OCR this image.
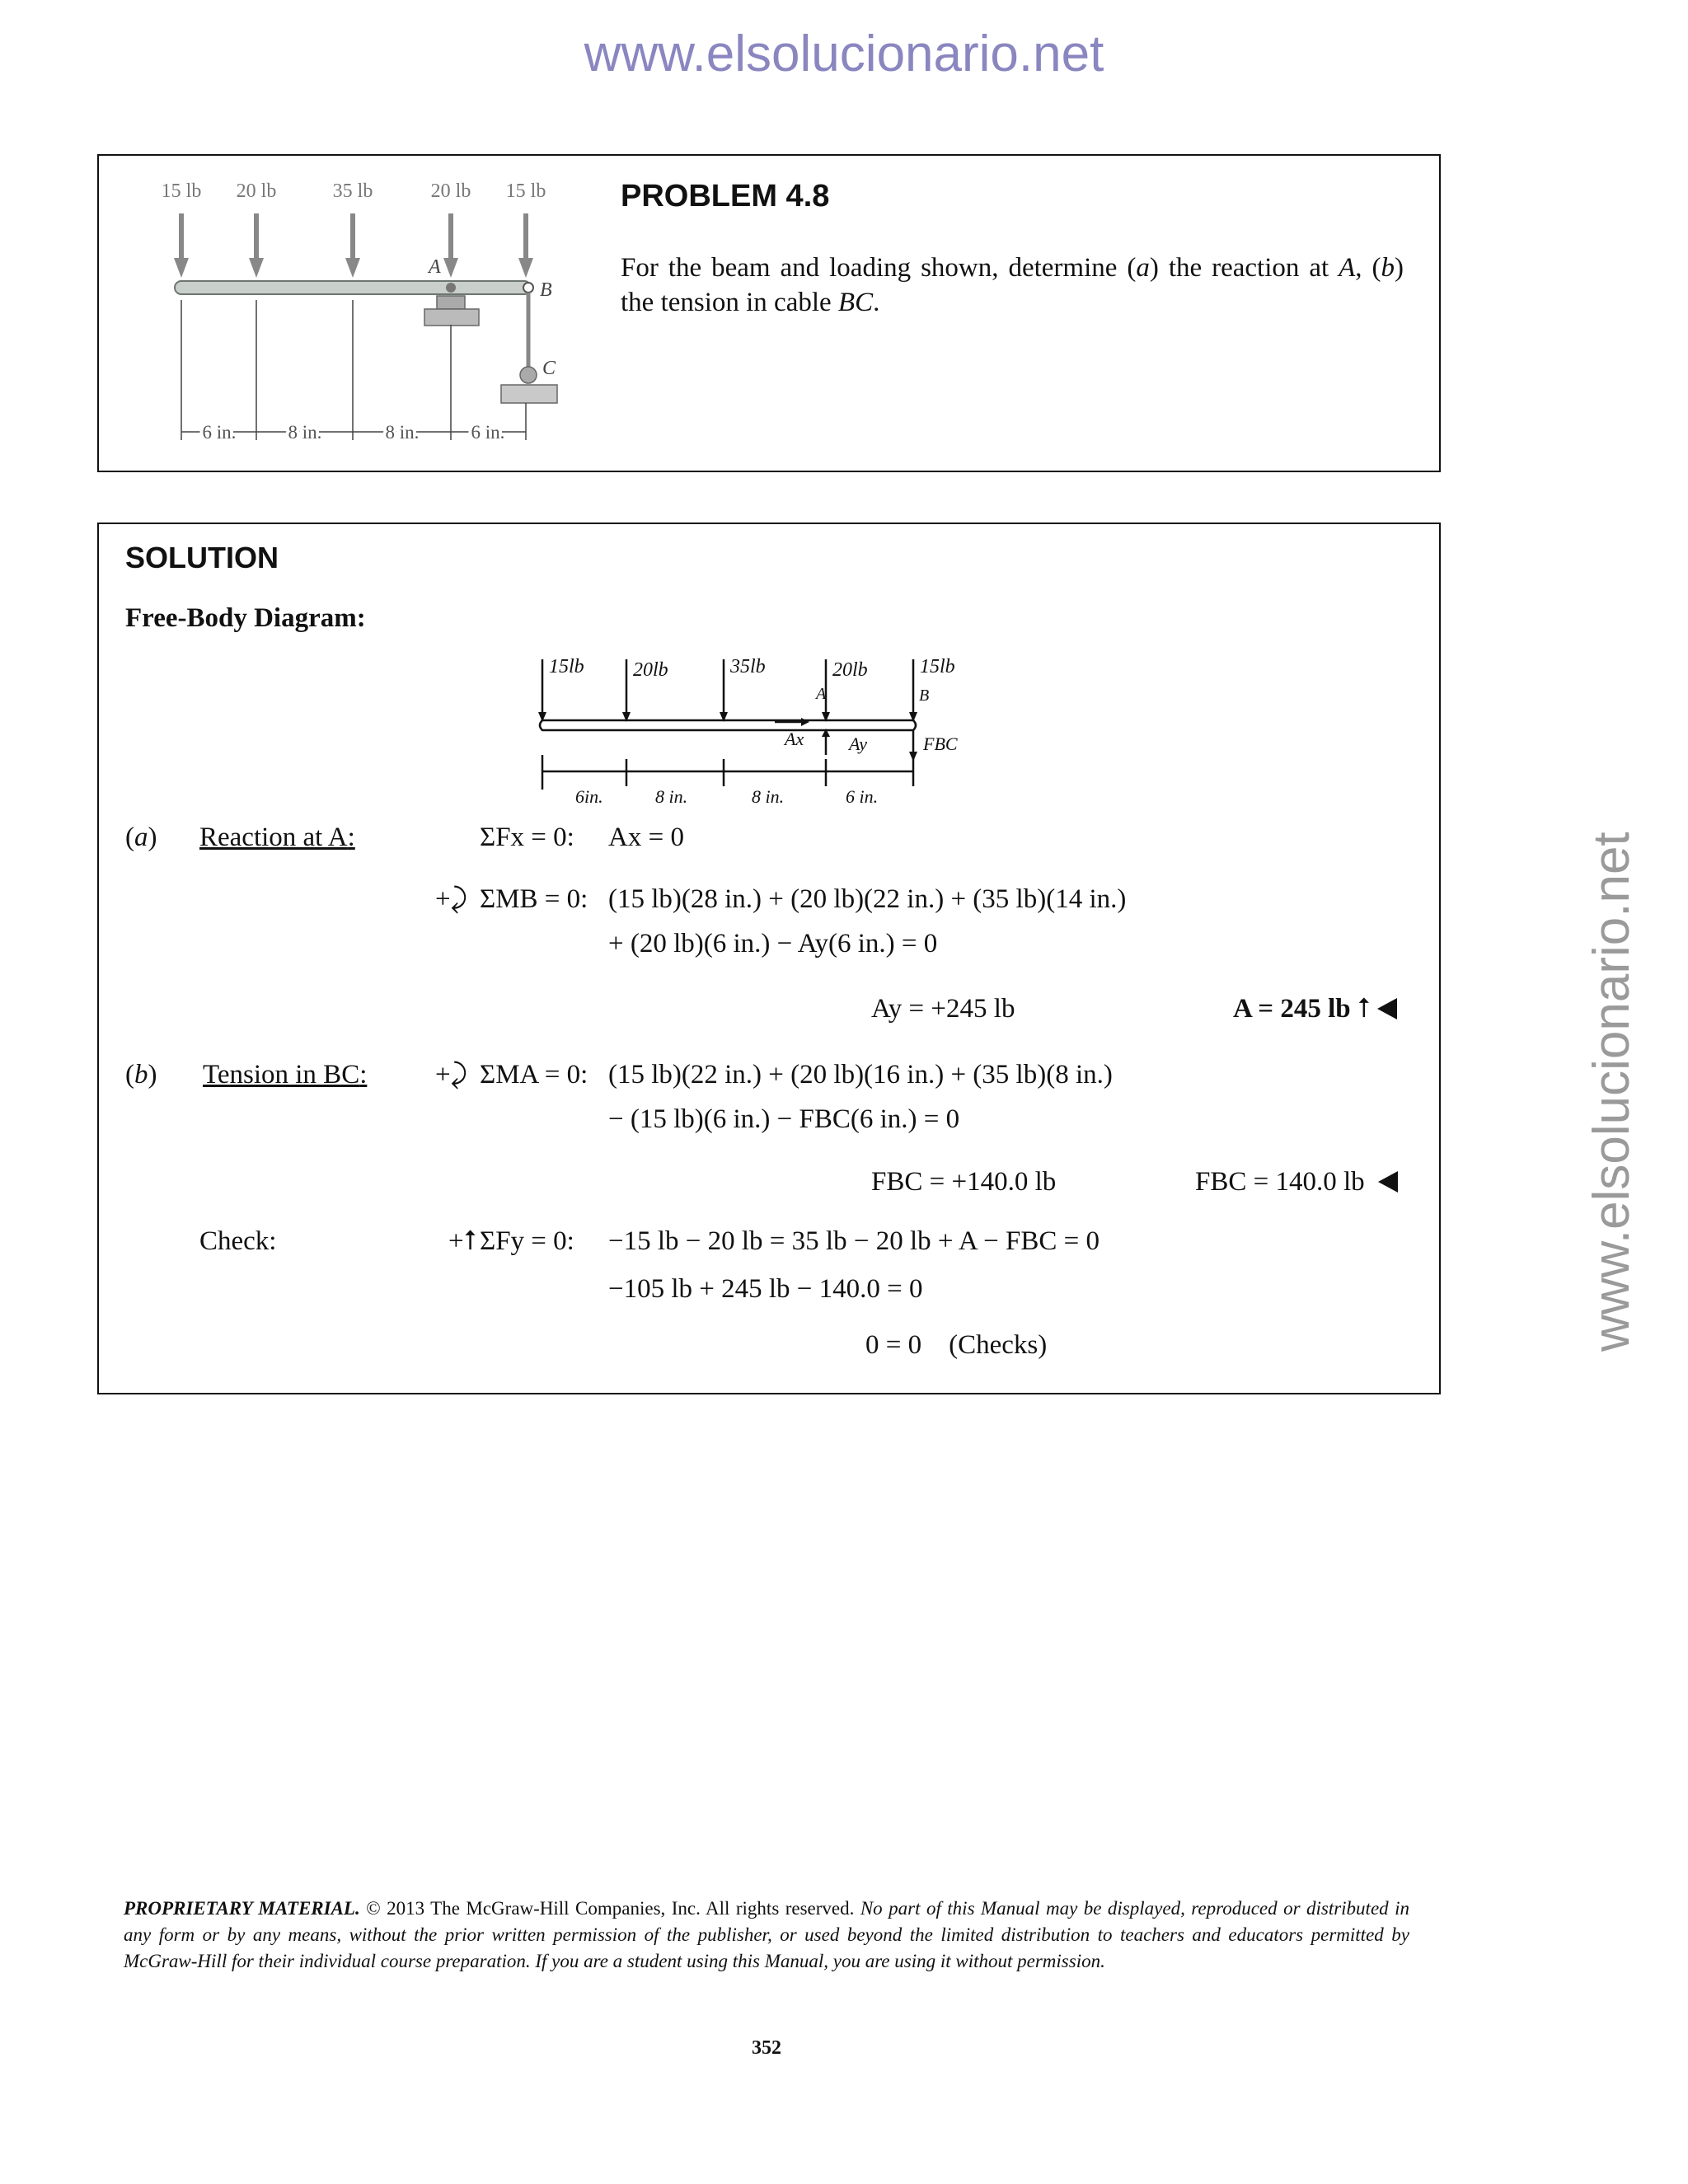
www.elsolucionario.net
www.elsolucionario.net
15 lb 20 lb	35 lb	20 lb 15 lb
A
B
C
6 in.	8 in.	8 in.	6 in.
PROBLEM 4.8
For the beam and loading shown, determine (a) the reaction at A, (b) the tension in cable BC.
SOLUTION
Free-Body Diagram:
15lb 20lb	35lb	20lb	15lb
A	B
Ax Ay	FBC
6in.	8 in.	8 in.	6 in.
(a) Reaction at A:	ΣFx = 0: Ax = 0
+⤸ ΣMB = 0: (15 lb)(28 in.) + (20 lb)(22 in.) + (35 lb)(14 in.)
+ (20 lb)(6 in.) − Ay(6 in.) = 0
Ay = +245 lb	A = 245 lb ⭡
(b) Tension in BC:	+⤸ ΣMA = 0: (15 lb)(22 in.) + (20 lb)(16 in.) + (35 lb)(8 in.)
− (15 lb)(6 in.) − FBC(6 in.) = 0
FBC = +140.0 lb	FBC = 140.0 lb
Check:	+⭡ ΣFy = 0: −15 lb − 20 lb = 35 lb − 20 lb + A − FBC = 0
−105 lb + 245 lb − 140.0 = 0
0 = 0    (Checks)
PROPRIETARY MATERIAL. © 2013 The McGraw-Hill Companies, Inc. All rights reserved. No part of this Manual may be displayed, reproduced or distributed in any form or by any means, without the prior written permission of the publisher, or used beyond the limited distribution to teachers and educators permitted by McGraw-Hill for their individual course preparation. If you are a student using this Manual, you are using it without permission.
352
